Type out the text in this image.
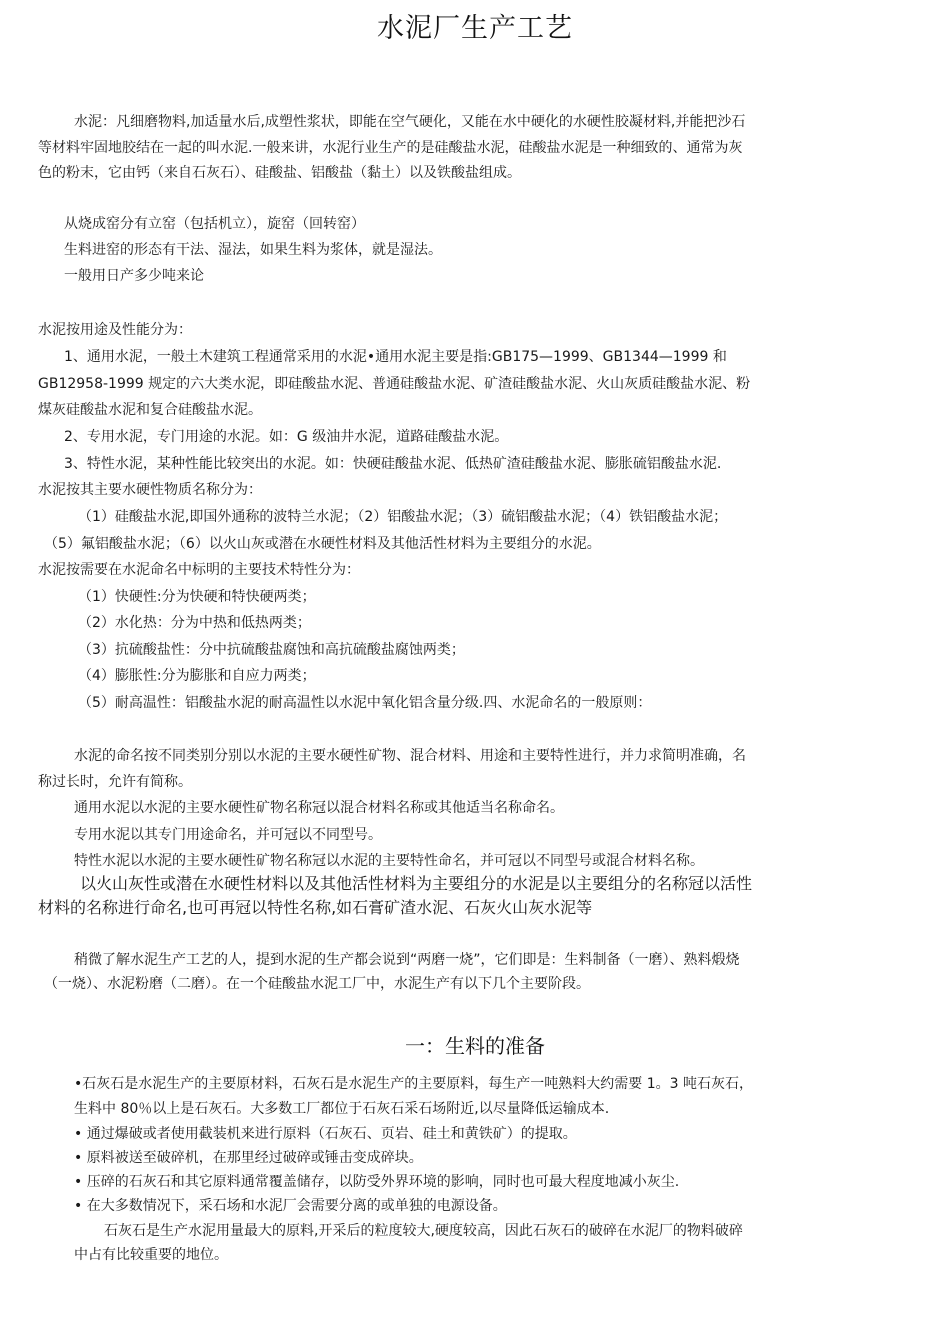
水泥厂生产工艺
水泥：凡细磨物料,加适量水后,成塑性浆状，即能在空气硬化，又能在水中硬化的水硬性胶凝材料,并能把沙石
等材料牢固地胶结在一起的叫水泥.一般来讲，水泥行业生产的是硅酸盐水泥，硅酸盐水泥是一种细致的、通常为灰
色的粉末，它由钙（来自石灰石）、硅酸盐、铝酸盐（黏土）以及铁酸盐组成。
从烧成窑分有立窑（包括机立），旋窑（回转窑）
生料进窑的形态有干法、湿法，如果生料为浆体，就是湿法。
一般用日产多少吨来论
水泥按用途及性能分为：
1、通用水泥，一般土木建筑工程通常采用的水泥•通用水泥主要是指:GB175—1999、GB1344—1999 和
GB12958-1999 规定的六大类水泥，即硅酸盐水泥、普通硅酸盐水泥、矿渣硅酸盐水泥、火山灰质硅酸盐水泥、粉
煤灰硅酸盐水泥和复合硅酸盐水泥。
2、专用水泥，专门用途的水泥。如：G 级油井水泥，道路硅酸盐水泥。
3、特性水泥，某种性能比较突出的水泥。如：快硬硅酸盐水泥、低热矿渣硅酸盐水泥、膨胀硫铝酸盐水泥.
水泥按其主要水硬性物质名称分为：
（1）硅酸盐水泥,即国外通称的波特兰水泥；（2）铝酸盐水泥；（3）硫铝酸盐水泥；（4）铁铝酸盐水泥；
（5）氟铝酸盐水泥；（6）以火山灰或潜在水硬性材料及其他活性材料为主要组分的水泥。
水泥按需要在水泥命名中标明的主要技术特性分为：
（1）快硬性:分为快硬和特快硬两类；
（2）水化热：分为中热和低热两类；
（3）抗硫酸盐性：分中抗硫酸盐腐蚀和高抗硫酸盐腐蚀两类；
（4）膨胀性:分为膨胀和自应力两类；
（5）耐高温性：铝酸盐水泥的耐高温性以水泥中氧化铝含量分级.四、水泥命名的一般原则：
水泥的命名按不同类别分别以水泥的主要水硬性矿物、混合材料、用途和主要特性进行，并力求简明准确，名
称过长时，允许有简称。
通用水泥以水泥的主要水硬性矿物名称冠以混合材料名称或其他适当名称命名。
专用水泥以其专门用途命名，并可冠以不同型号。
特性水泥以水泥的主要水硬性矿物名称冠以水泥的主要特性命名，并可冠以不同型号或混合材料名称。
以火山灰性或潜在水硬性材料以及其他活性材料为主要组分的水泥是以主要组分的名称冠以活性
材料的名称进行命名,也可再冠以特性名称,如石膏矿渣水泥、石灰火山灰水泥等
稍微了解水泥生产工艺的人，提到水泥的生产都会说到“两磨一烧”，它们即是：生料制备（一磨）、熟料煅烧
（一烧）、水泥粉磨（二磨）。在一个硅酸盐水泥工厂中，水泥生产有以下几个主要阶段。
一：生料的准备
•石灰石是水泥生产的主要原材料，石灰石是水泥生产的主要原料，每生产一吨熟料大约需要 1。3 吨石灰石，
生料中 80％以上是石灰石。大多数工厂都位于石灰石采石场附近,以尽量降低运输成本.
• 通过爆破或者使用截装机来进行原料（石灰石、页岩、硅土和黄铁矿）的提取。
• 原料被送至破碎机，在那里经过破碎或锤击变成碎块。
• 压碎的石灰石和其它原料通常覆盖储存，以防受外界环境的影响，同时也可最大程度地减小灰尘.
• 在大多数情况下，采石场和水泥厂会需要分离的或单独的电源设备。
石灰石是生产水泥用量最大的原料,开采后的粒度较大,硬度较高，因此石灰石的破碎在水泥厂的物料破碎
中占有比较重要的地位。
